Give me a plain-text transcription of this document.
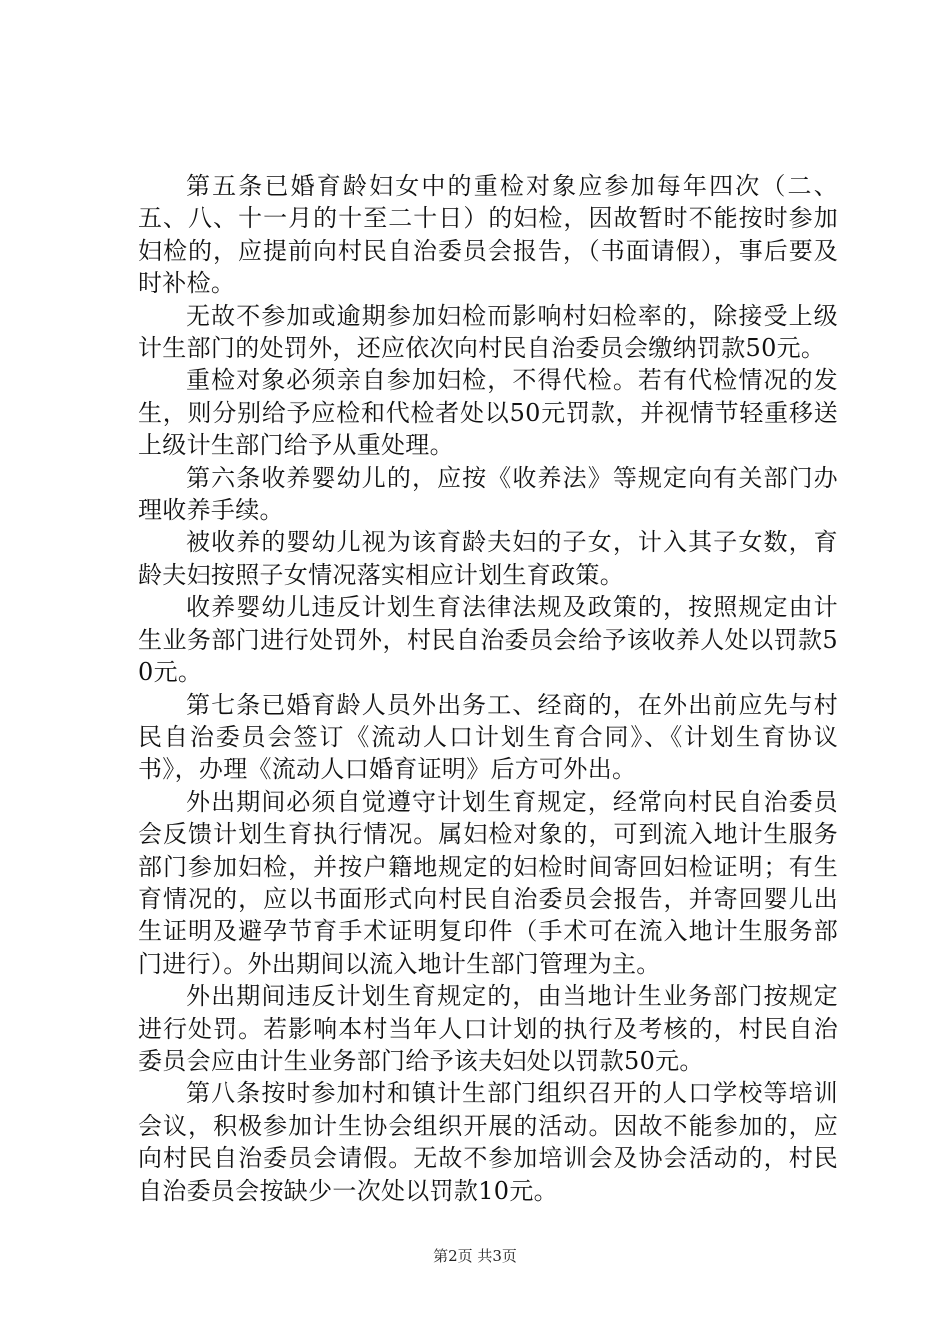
第五条已婚育龄妇女中的重检对象应参加每年四次（二、五、八、十一月的十至二十日）的妇检，因故暂时不能按时参加妇检的，应提前向村民自治委员会报告，（书面请假），事后要及时补检。

无故不参加或逾期参加妇检而影响村妇检率的，除接受上级计生部门的处罚外，还应依次向村民自治委员会缴纳罚款50元。

重检对象必须亲自参加妇检，不得代检。若有代检情况的发生，则分别给予应检和代检者处以50元罚款，并视情节轻重移送上级计生部门给予从重处理。

第六条收养婴幼儿的，应按《收养法》等规定向有关部门办理收养手续。

被收养的婴幼儿视为该育龄夫妇的子女，计入其子女数，育龄夫妇按照子女情况落实相应计划生育政策。

收养婴幼儿违反计划生育法律法规及政策的，按照规定由计生业务部门进行处罚外，村民自治委员会给予该收养人处以罚款50元。

第七条已婚育龄人员外出务工、经商的，在外出前应先与村民自治委员会签订《流动人口计划生育合同》、《计划生育协议书》，办理《流动人口婚育证明》后方可外出。

外出期间必须自觉遵守计划生育规定，经常向村民自治委员会反馈计划生育执行情况。属妇检对象的，可到流入地计生服务部门参加妇检，并按户籍地规定的妇检时间寄回妇检证明；有生育情况的，应以书面形式向村民自治委员会报告，并寄回婴儿出生证明及避孕节育手术证明复印件（手术可在流入地计生服务部门进行）。外出期间以流入地计生部门管理为主。

外出期间违反计划生育规定的，由当地计生业务部门按规定进行处罚。若影响本村当年人口计划的执行及考核的，村民自治委员会应由计生业务部门给予该夫妇处以罚款50元。

第八条按时参加村和镇计生部门组织召开的人口学校等培训会议，积极参加计生协会组织开展的活动。因故不能参加的，应向村民自治委员会请假。无故不参加培训会及协会活动的，村民自治委员会按缺少一次处以罚款10元。

第2页 共3页
